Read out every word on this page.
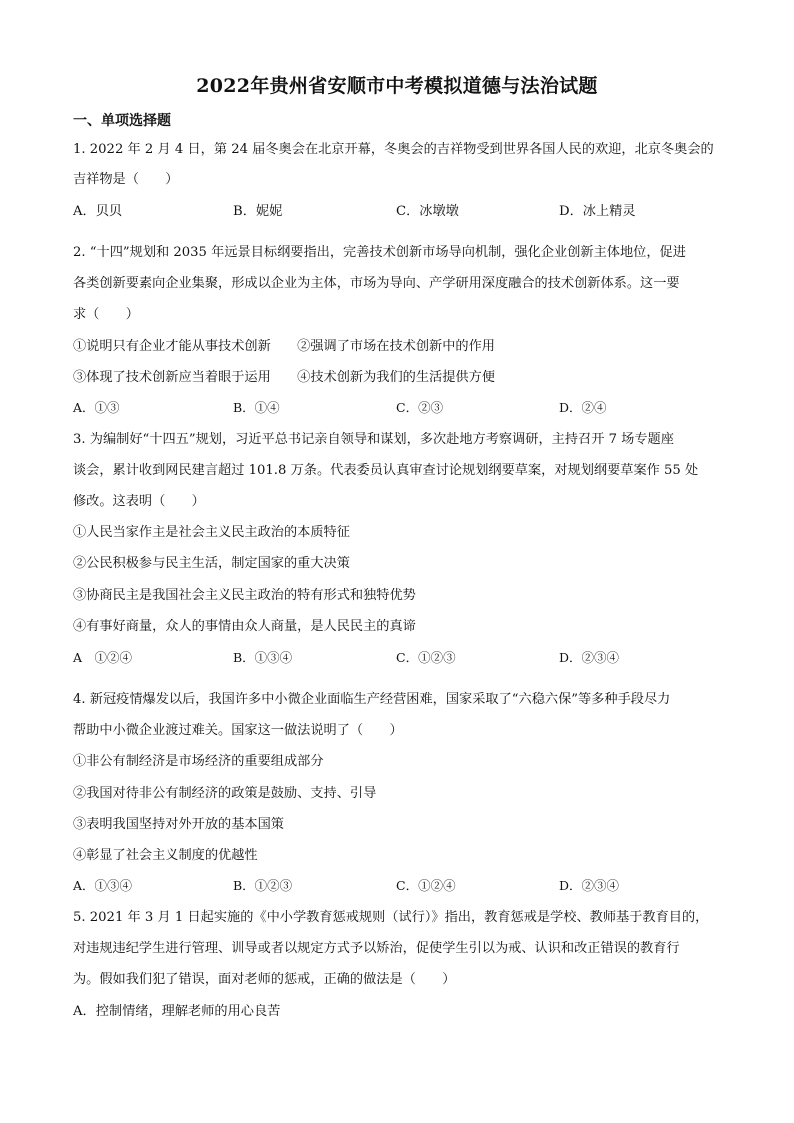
2022年贵州省安顺市中考模拟道德与法治试题
一、单项选择题
1. 2022 年 2 月 4 日，第 24 届冬奥会在北京开幕，冬奥会的吉祥物受到世界各国人民的欢迎，北京冬奥会的
吉祥物是（　　）
A．贝贝	B．妮妮	C．冰墩墩	D．冰上精灵
2. “十四”规划和 2035 年远景目标纲要指出，完善技术创新市场导向机制，强化企业创新主体地位，促进
各类创新要素向企业集聚，形成以企业为主体，市场为导向、产学研用深度融合的技术创新体系。这一要
求（　　）
①说明只有企业才能从事技术创新　　②强调了市场在技术创新中的作用
③体现了技术创新应当着眼于运用　　④技术创新为我们的生活提供方便
A．①③	B．①④	C．②③	D．②④
3. 为编制好“十四五”规划，习近平总书记亲自领导和谋划，多次赴地方考察调研，主持召开 7 场专题座
谈会，累计收到网民建言超过 101.8 万条。代表委员认真审查讨论规划纲要草案，对规划纲要草案作 55 处
修改。这表明（　　）
①人民当家作主是社会主义民主政治的本质特征
②公民积极参与民主生活，制定国家的重大决策
③协商民主是我国社会主义民主政治的特有形式和独特优势
④有事好商量，众人的事情由众人商量，是人民民主的真谛
A　①②④	B．①③④	C．①②③	D．②③④
4. 新冠疫情爆发以后，我国许多中小微企业面临生产经营困难，国家采取了“六稳六保”等多种手段尽力
帮助中小微企业渡过难关。国家这一做法说明了（　　）
①非公有制经济是市场经济的重要组成部分
②我国对待非公有制经济的政策是鼓励、支持、引导
③表明我国坚持对外开放的基本国策
④彰显了社会主义制度的优越性
A．①③④	B．①②③	C．①②④	D．②③④
5. 2021 年 3 月 1 日起实施的《中小学教育惩戒规则（试行）》指出，教育惩戒是学校、教师基于教育目的，
对违规违纪学生进行管理、训导或者以规定方式予以矫治，促使学生引以为戒、认识和改正错误的教育行
为。假如我们犯了错误，面对老师的惩戒，正确的做法是（　　）
A．控制情绪，理解老师的用心良苦
